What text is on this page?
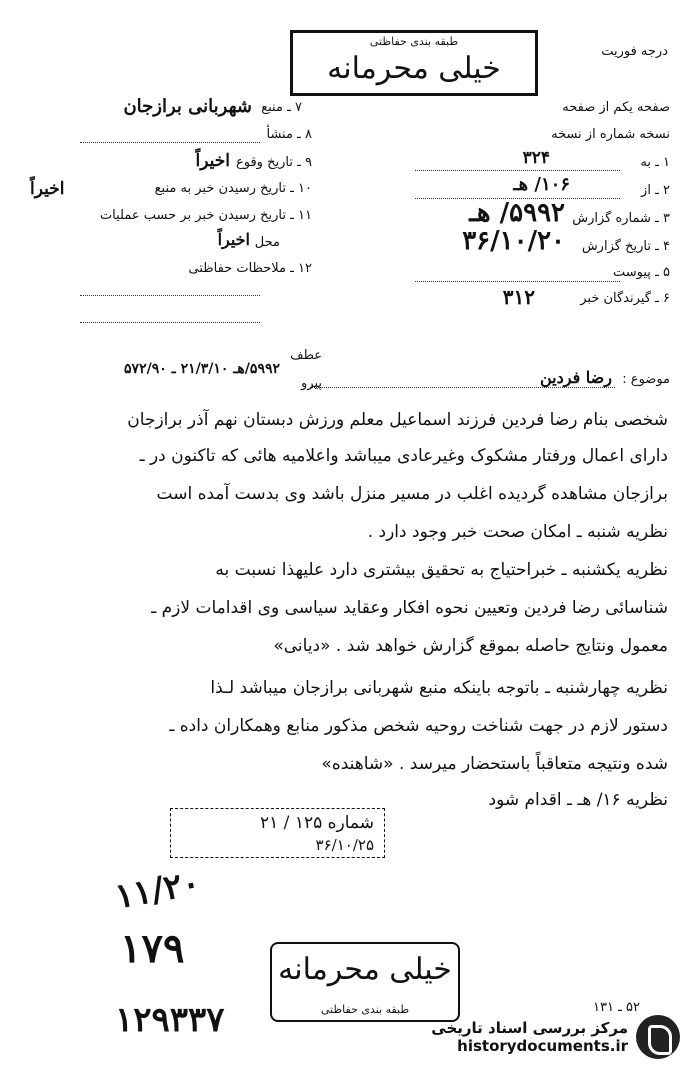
طبقه بندی حفاظتی
خیلی محرمانه	درجه فوریت
صفحه یکم از صفحه
نسخه شماره از نسخه
۱ ـ به
۳۲۴
۲ ـ از
۱۰۶/ هـ
۳ ـ شماره گزارش
۵۹۹۲/ هـ
۴ ـ تاریخ گزارش
۳۶/۱۰/۲۰
۵ ـ پیوست
۶ ـ گیرندگان خبر
۳۱۲
۷ ـ منبع
شهربانی برازجان
۸ ـ منشأ
۹ ـ تاریخ وقوع
اخیراً
۱۰ ـ تاریخ رسیدن خبر به منبع
اخیراً
۱۱ ـ تاریخ رسیدن خبر بر حسب عملیات
محل
اخیراً
۱۲ ـ ملاحظات حفاظتی
موضوع :
رضا فردین
عطف
پیرو
۵۹۹۲/هـ ۲۱/۳/۱۰ ـ ۵۷۲/۹۰
شخصی بنام رضا فردین فرزند اسماعیل معلم ورزش دبستان نهم آذر برازجان
دارای اعمال ورفتار مشکوک وغیرعادی میباشد واعلامیه هائی که تاکنون در ـ
برازجان مشاهده گردیده اغلب در مسیر منزل باشد وی بدست آمده است
نظریه شنبه ـ امکان صحت خبر وجود دارد .
نظریه یکشنبه ـ خبراحتیاج به تحقیق بیشتری دارد علیهذا نسبت به
شناسائی رضا فردین وتعیین نحوه افکار وعقاید سیاسی وی اقدامات لازم ـ
معمول ونتایج حاصله بموقع گزارش خواهد شد . «دیانی»
نظریه چهارشنبه ـ باتوجه باینکه منبع شهربانی برازجان میباشد لـذا
دستور لازم در جهت شناخت روحیه شخص مذکور منابع وهمکاران داده ـ
شده ونتیجه متعاقباً باستحضار میرسد . «شاهنده»
نظریه ۱۶/ هـ ـ اقدام شود
شماره ۱۲۵ / ۲۱
۳۶/۱۰/۲۵
۱۱/۲۰
۱۷۹
۱۲۹۳۳۷
خیلی محرمانه
طبقه بندی حفاظتی	۵۲ ـ ۱۳۱
مرکز بررسی اسناد تاریخی
historydocuments.ir
